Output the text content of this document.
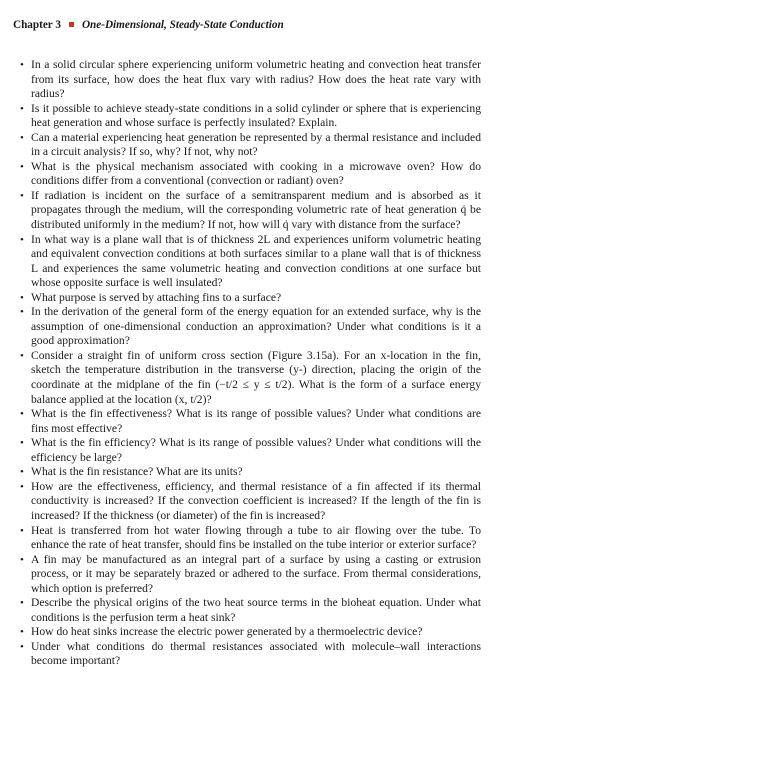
Chapter 3 One-Dimensional, Steady-State Conduction
• In a solid circular sphere experiencing uniform volumetric heating and convection heat transfer from its surface, how does the heat flux vary with radius? How does the heat rate vary with radius?
• Is it possible to achieve steady-state conditions in a solid cylinder or sphere that is experiencing heat generation and whose surface is perfectly insulated? Explain.
• Can a material experiencing heat generation be represented by a thermal resistance and included in a circuit analysis? If so, why? If not, why not?
• What is the physical mechanism associated with cooking in a microwave oven? How do conditions differ from a conventional (convection or radiant) oven?
• If radiation is incident on the surface of a semitransparent medium and is absorbed as it propagates through the medium, will the corresponding volumetric rate of heat generation q̇ be distributed uniformly in the medium? If not, how will q̇ vary with distance from the surface?
• In what way is a plane wall that is of thickness 2L and experiences uniform volumetric heating and equivalent convection conditions at both surfaces similar to a plane wall that is of thickness L and experiences the same volumetric heating and convection conditions at one surface but whose opposite surface is well insulated?
• What purpose is served by attaching fins to a surface?
• In the derivation of the general form of the energy equation for an extended surface, why is the assumption of one-dimensional conduction an approximation? Under what conditions is it a good approximation?
• Consider a straight fin of uniform cross section (Figure 3.15a). For an x-location in the fin, sketch the temperature distribution in the transverse (y-) direction, placing the origin of the coordinate at the midplane of the fin (−t/2 ≤ y ≤ t/2). What is the form of a surface energy balance applied at the location (x, t/2)?
• What is the fin effectiveness? What is its range of possible values? Under what conditions are fins most effective?
• What is the fin efficiency? What is its range of possible values? Under what conditions will the efficiency be large?
• What is the fin resistance? What are its units?
• How are the effectiveness, efficiency, and thermal resistance of a fin affected if its thermal conductivity is increased? If the convection coefficient is increased? If the length of the fin is increased? If the thickness (or diameter) of the fin is increased?
• Heat is transferred from hot water flowing through a tube to air flowing over the tube. To enhance the rate of heat transfer, should fins be installed on the tube interior or exterior surface?
• A fin may be manufactured as an integral part of a surface by using a casting or extrusion process, or it may be separately brazed or adhered to the surface. From thermal considerations, which option is preferred?
• Describe the physical origins of the two heat source terms in the bioheat equation. Under what conditions is the perfusion term a heat sink?
• How do heat sinks increase the electric power generated by a thermoelectric device?
• Under what conditions do thermal resistances associated with molecule–wall interactions become important?
